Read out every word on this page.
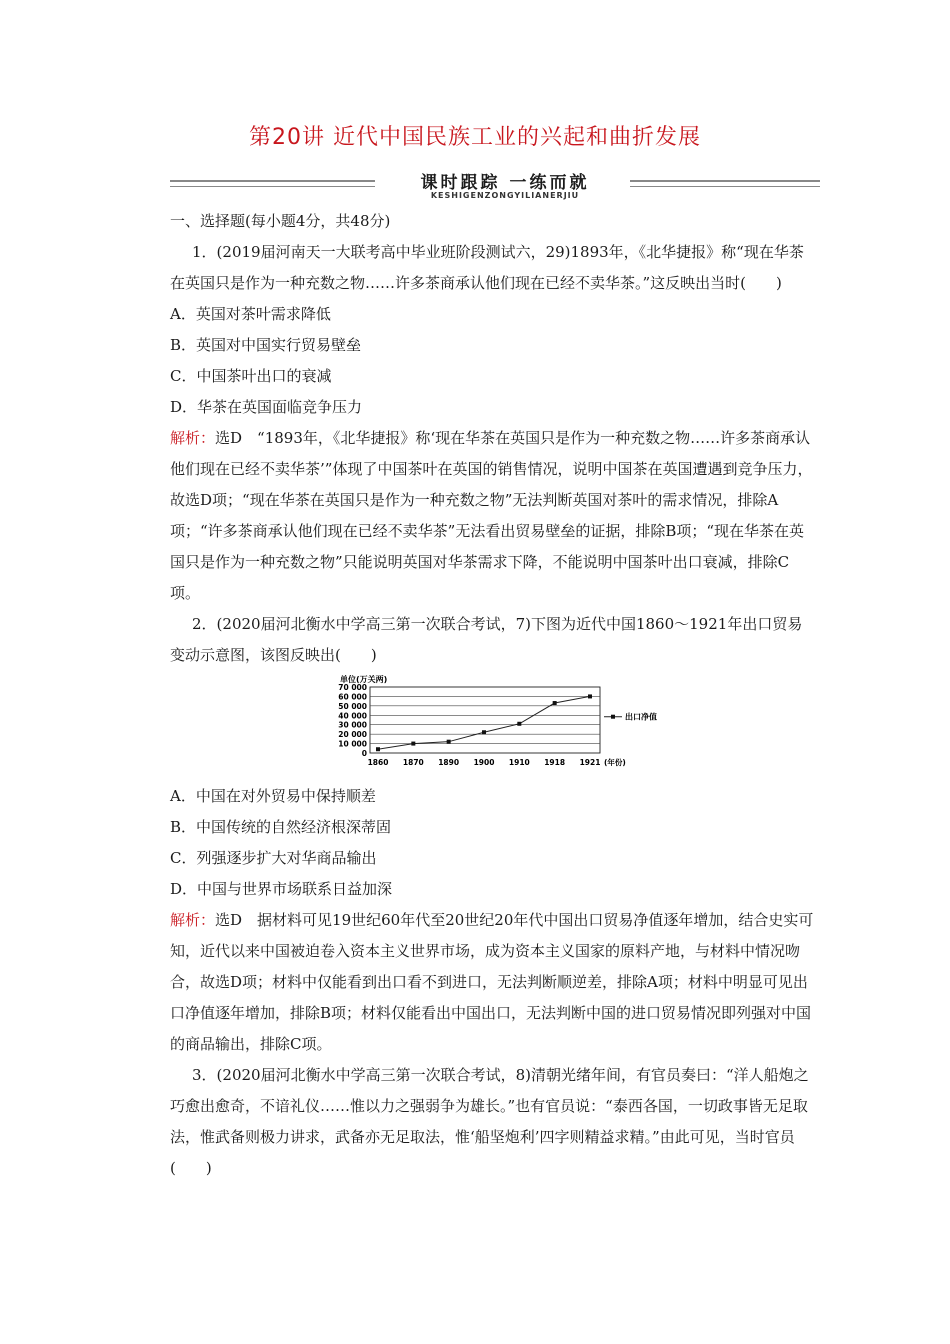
第20讲 近代中国民族工业的兴起和曲折发展
课时跟踪 一练而就
KESHIGENZONGYILIANERJIU

一、选择题(每小题4分，共48分)

1．(2019届河南天一大联考高中毕业班阶段测试六，29)1893年，《北华捷报》称“现在华茶在英国只是作为一种充数之物……许多茶商承认他们现在已经不卖华茶。”这反映出当时(　　)

A．英国对茶叶需求降低

B．英国对中国实行贸易壁垒

C．中国茶叶出口的衰减

D．华茶在英国面临竞争压力

解析：选D　“1893年，《北华捷报》称‘现在华茶在英国只是作为一种充数之物……许多茶商承认他们现在已经不卖华茶’”体现了中国茶叶在英国的销售情况，说明中国茶在英国遭遇到竞争压力，故选D项；“现在华茶在英国只是作为一种充数之物”无法判断英国对茶叶的需求情况，排除A项；“许多茶商承认他们现在已经不卖华茶”无法看出贸易壁垒的证据，排除B项；“现在华茶在英国只是作为一种充数之物”只能说明英国对华茶需求下降，不能说明中国茶叶出口衰减，排除C项。

2．(2020届河北衡水中学高三第一次联合考试，7)下图为近代中国1860～1921年出口贸易变动示意图，该图反映出(　　)

单位(万关两)
70 000
60 000
50 000
40 000
30 000
20 000
10 000
0
1860 1870 1890 1900 1910 1918 1921 (年份)
出口净值

A．中国在对外贸易中保持顺差

B．中国传统的自然经济根深蒂固

C．列强逐步扩大对华商品输出

D．中国与世界市场联系日益加深

解析：选D　据材料可见19世纪60年代至20世纪20年代中国出口贸易净值逐年增加，结合史实可知，近代以来中国被迫卷入资本主义世界市场，成为资本主义国家的原料产地，与材料中情况吻合，故选D项；材料中仅能看到出口看不到进口，无法判断顺逆差，排除A项；材料中明显可见出口净值逐年增加，排除B项；材料仅能看出中国出口，无法判断中国的进口贸易情况即列强对中国的商品输出，排除C项。

3．(2020届河北衡水中学高三第一次联合考试，8)清朝光绪年间，有官员奏曰：“洋人船炮之巧愈出愈奇，不谙礼仪……惟以力之强弱争为雄长。”也有官员说：“泰西各国，一切政事皆无足取法，惟武备则极力讲求，武备亦无足取法，惟‘船坚炮利’四字则精益求精。”由此可见，当时官员(　　)
